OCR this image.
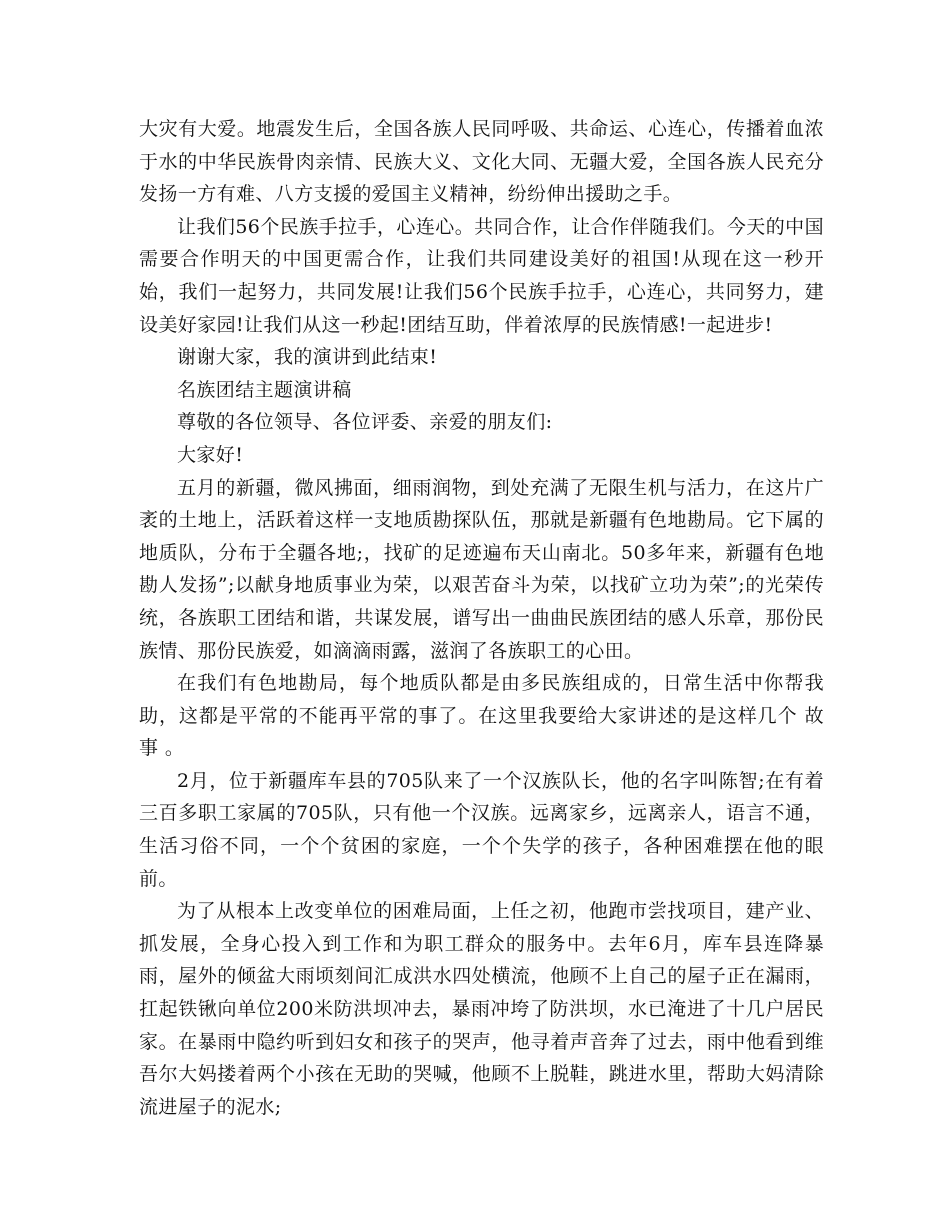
大灾有大爱。地震发生后，全国各族人民同呼吸、共命运、心连心，传播着血浓于水的中华民族骨肉亲情、民族大义、文化大同、无疆大爱，全国各族人民充分发扬一方有难、八方支援的爱国主义精神，纷纷伸出援助之手。

让我们56个民族手拉手，心连心。共同合作，让合作伴随我们。今天的中国需要合作明天的中国更需合作，让我们共同建设美好的祖国!从现在这一秒开始，我们一起努力，共同发展!让我们56个民族手拉手，心连心，共同努力，建设美好家园!让我们从这一秒起!团结互助，伴着浓厚的民族情感!一起进步!

谢谢大家，我的演讲到此结束!

名族团结主题演讲稿

尊敬的各位领导、各位评委、亲爱的朋友们:

大家好!

五月的新疆，微风拂面，细雨润物，到处充满了无限生机与活力，在这片广袤的土地上，活跃着这样一支地质勘探队伍，那就是新疆有色地勘局。它下属的地质队，分布于全疆各地;，找矿的足迹遍布天山南北。50多年来，新疆有色地勘人发扬”;以献身地质事业为荣，以艰苦奋斗为荣，以找矿立功为荣”;的光荣传统，各族职工团结和谐，共谋发展，谱写出一曲曲民族团结的感人乐章，那份民族情、那份民族爱，如滴滴雨露，滋润了各族职工的心田。

在我们有色地勘局，每个地质队都是由多民族组成的，日常生活中你帮我助，这都是平常的不能再平常的事了。在这里我要给大家讲述的是这样几个 故事 。

2月，位于新疆库车县的705队来了一个汉族队长，他的名字叫陈智;在有着三百多职工家属的705队，只有他一个汉族。远离家乡，远离亲人，语言不通，生活习俗不同，一个个贫困的家庭，一个个失学的孩子，各种困难摆在他的眼前。

为了从根本上改变单位的困难局面，上任之初，他跑市尝找项目，建产业、抓发展，全身心投入到工作和为职工群众的服务中。去年6月，库车县连降暴雨，屋外的倾盆大雨顷刻间汇成洪水四处横流，他顾不上自己的屋子正在漏雨，扛起铁锹向单位200米防洪坝冲去，暴雨冲垮了防洪坝，水已淹进了十几户居民家。在暴雨中隐约听到妇女和孩子的哭声，他寻着声音奔了过去，雨中他看到维吾尔大妈搂着两个小孩在无助的哭喊，他顾不上脱鞋，跳进水里，帮助大妈清除流进屋子的泥水;
